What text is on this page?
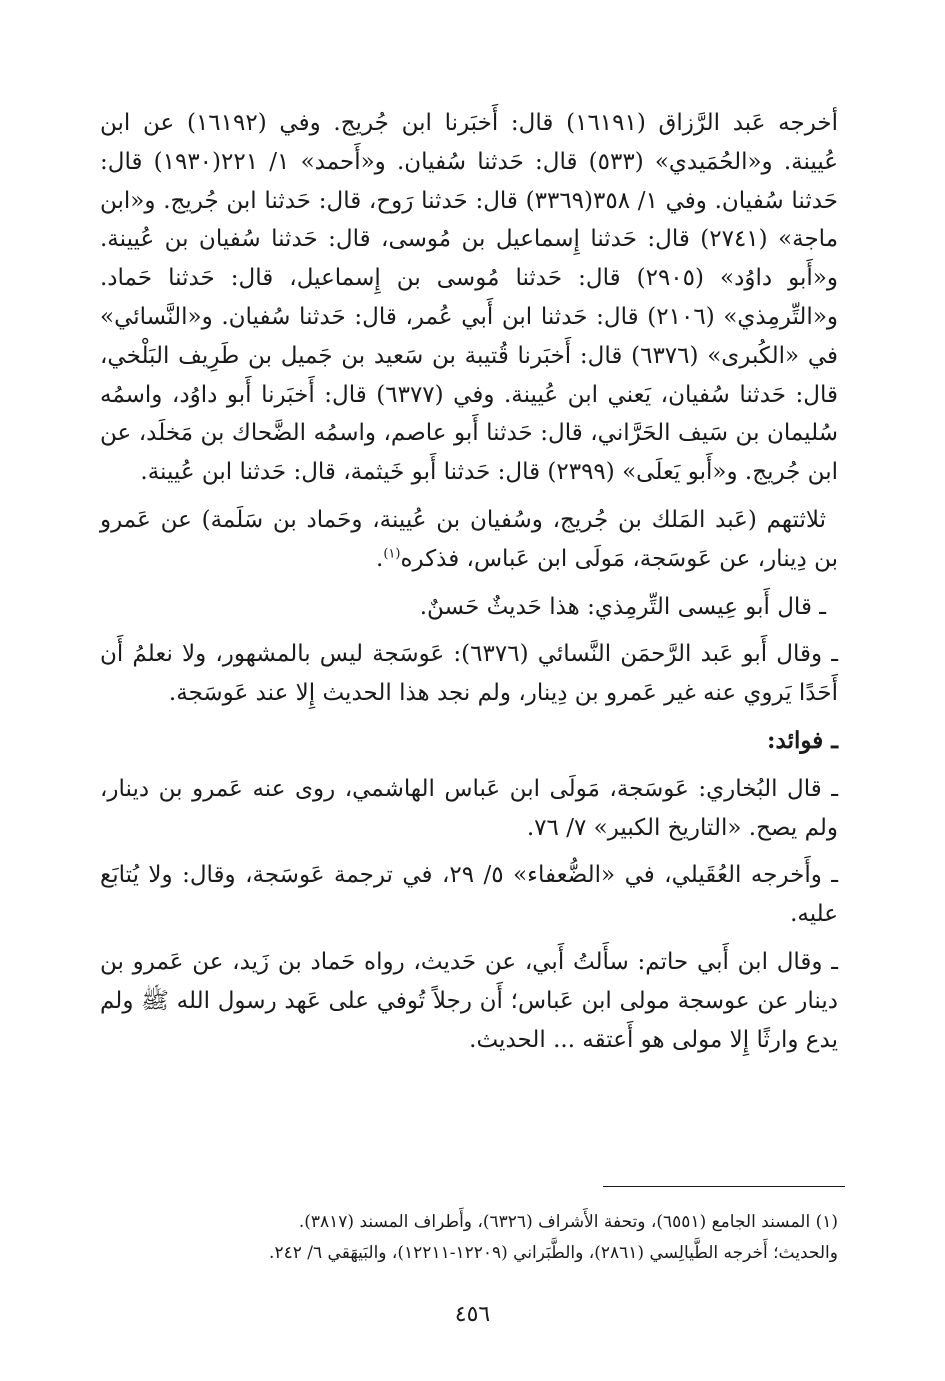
أخرجه عَبد الرَّزاق (١٦١٩١) قال: أَخبَرنا ابن جُريج. وفي (١٦١٩٢) عن ابن عُيينة. و«الحُمَيدي» (٥٣٣) قال: حَدثنا سُفيان. و«أَحمد» ١/ ٢٢١(١٩٣٠) قال: حَدثنا سُفيان. وفي ١/ ٣٥٨(٣٣٦٩) قال: حَدثنا رَوح، قال: حَدثنا ابن جُريج. و«ابن ماجة» (٢٧٤١) قال: حَدثنا إِسماعيل بن مُوسى، قال: حَدثنا سُفيان بن عُيينة. و«أَبو داوُد» (٢٩٠٥) قال: حَدثنا مُوسى بن إِسماعيل، قال: حَدثنا حَماد. و«التِّرمِذي» (٢١٠٦) قال: حَدثنا ابن أَبي عُمر، قال: حَدثنا سُفيان. و«النَّسائي» في «الكُبرى» (٦٣٧٦) قال: أَخبَرنا قُتيبة بن سَعيد بن جَميل بن طَرِيف البَلْخي، قال: حَدثنا سُفيان، يَعني ابن عُيينة. وفي (٦٣٧٧) قال: أَخبَرنا أَبو داوُد، واسمُه سُليمان بن سَيف الحَرَّاني، قال: حَدثنا أَبو عاصم، واسمُه الضَّحاك بن مَخلَد، عن ابن جُريج. و«أَبو يَعلَى» (٢٣٩٩) قال: حَدثنا أَبو خَيثمة، قال: حَدثنا ابن عُيينة.

ثلاثتهم (عَبد المَلك بن جُريج، وسُفيان بن عُيينة، وحَماد بن سَلَمة) عن عَمرو بن دِينار، عن عَوسَجة، مَولَى ابن عَباس، فذكره$^{(١)}$.

ـ قال أَبو عِيسى التِّرمِذي: هذا حَديثٌ حَسنٌ.

ـ وقال أَبو عَبد الرَّحمَن النَّسائي (٦٣٧٦): عَوسَجة ليس بالمشهور، ولا نعلمُ أَن أَحَدًا يَروي عنه غير عَمرو بن دِينار، ولم نجد هذا الحديث إِلا عند عَوسَجة.

ـ فوائد:

ـ قال البُخاري: عَوسَجة، مَولَى ابن عَباس الهاشمي، روى عنه عَمرو بن دينار، ولم يصح. «التاريخ الكبير» ٧/ ٧٦.

ـ وأَخرجه العُقَيلي، في «الضُّعفاء» ٥/ ٢٩، في ترجمة عَوسَجة، وقال: ولا يُتابَع عليه.

ـ وقال ابن أَبي حاتم: سأَلتُ أَبي، عن حَديث، رواه حَماد بن زَيد، عن عَمرو بن دينار عن عوسجة مولى ابن عَباس؛ أَن رجلاً تُوفي على عَهد رسول الله ﷺ ولم يدع وارثًا إِلا مولى هو أَعتقه ... الحديث.

(١) المسند الجامع (٦٥٥١)، وتحفة الأَشراف (٦٣٢٦)، وأَطراف المسند (٣٨١٧).

والحديث؛ أَخرجه الطَّيالِسي (٢٨٦١)، والطَّبَراني (١٢٢٠٩-١٢٢١١)، والبَيهَقي ٦/ ٢٤٢.

٤٥٦
